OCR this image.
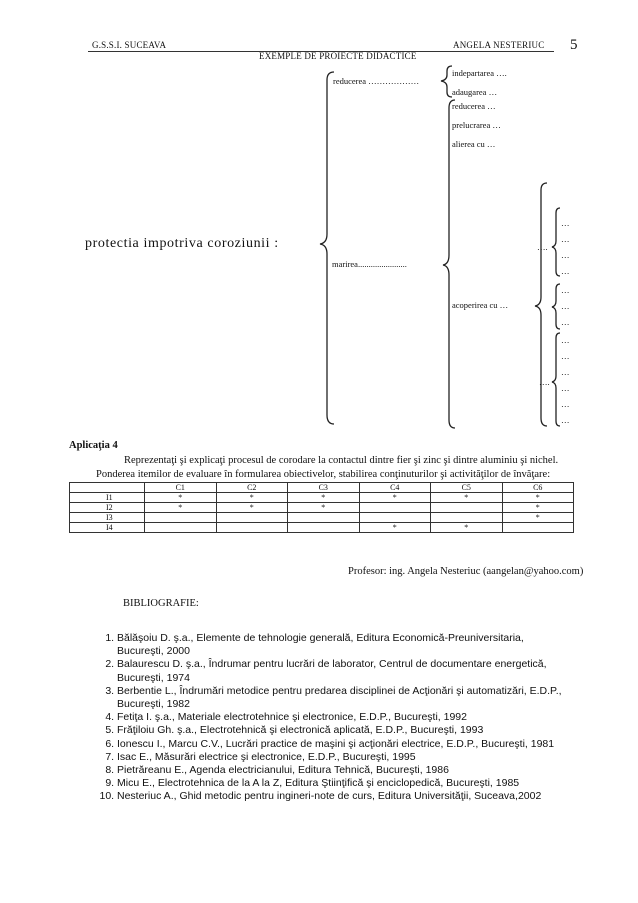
G.S.S.I. SUCEAVA	ANGELA NESTERIUC 5
EXEMPLE DE PROIECTE DIDACTICE
protectia impotriva coroziunii :
reducerea ………………
indepartarea ….
adaugarea …
marirea.......................
reducerea …
prelucrarea …
alierea cu …
acoperirea cu …
….
….
…
…
…
…
…
…
…
…
…
…
…
…
…
Aplicaţia 4
Reprezentaţi şi explicaţi procesul de corodare la contactul dintre fier şi zinc şi dintre aluminiu şi nichel.
Ponderea itemilor de evaluare în formularea obiectivelor, stabilirea conţinuturilor şi activităţilor de învăţare:
	C1	C2	C3	C4	C5	C6
I1	*	*	*	*	*	*
I2	*	*	*			*
I3						*
I4				*	*	
Profesor: ing. Angela Nesteriuc (aangelan@yahoo.com)
BIBLIOGRAFIE:
1. Bălăşoiu D. ş.a., Elemente de tehnologie generală, Editura Economică-Preuniversitaria,
Bucureşti, 2000
2. Balaurescu D. ş.a., Îndrumar pentru lucrări de laborator, Centrul de documentare energetică,
Bucureşti, 1974
3. Berbentie L., Îndrumări metodice pentru predarea disciplinei de Acţionări şi automatizări, E.D.P.,
Bucureşti, 1982
4. Fetiţa I. ş.a., Materiale electrotehnice şi electronice, E.D.P., Bucureşti, 1992
5. Frăţiloiu Gh. ş.a., Electrotehnică şi electronică aplicată, E.D.P., Bucureşti, 1993
6. Ionescu I., Marcu C.V., Lucrări practice de maşini şi acţionări electrice, E.D.P., Bucureşti, 1981
7. Isac E., Măsurări electrice şi electronice, E.D.P., Bucureşti, 1995
8. Pietrăreanu E., Agenda electricianului, Editura Tehnică, Bucureşti, 1986
9. Micu E., Electrotehnica de la A la Z, Editura Ştiinţifică şi enciclopedică, Bucureşti, 1985
10. Nesteriuc A., Ghid metodic pentru ingineri-note de curs, Editura Universităţii, Suceava,2002
